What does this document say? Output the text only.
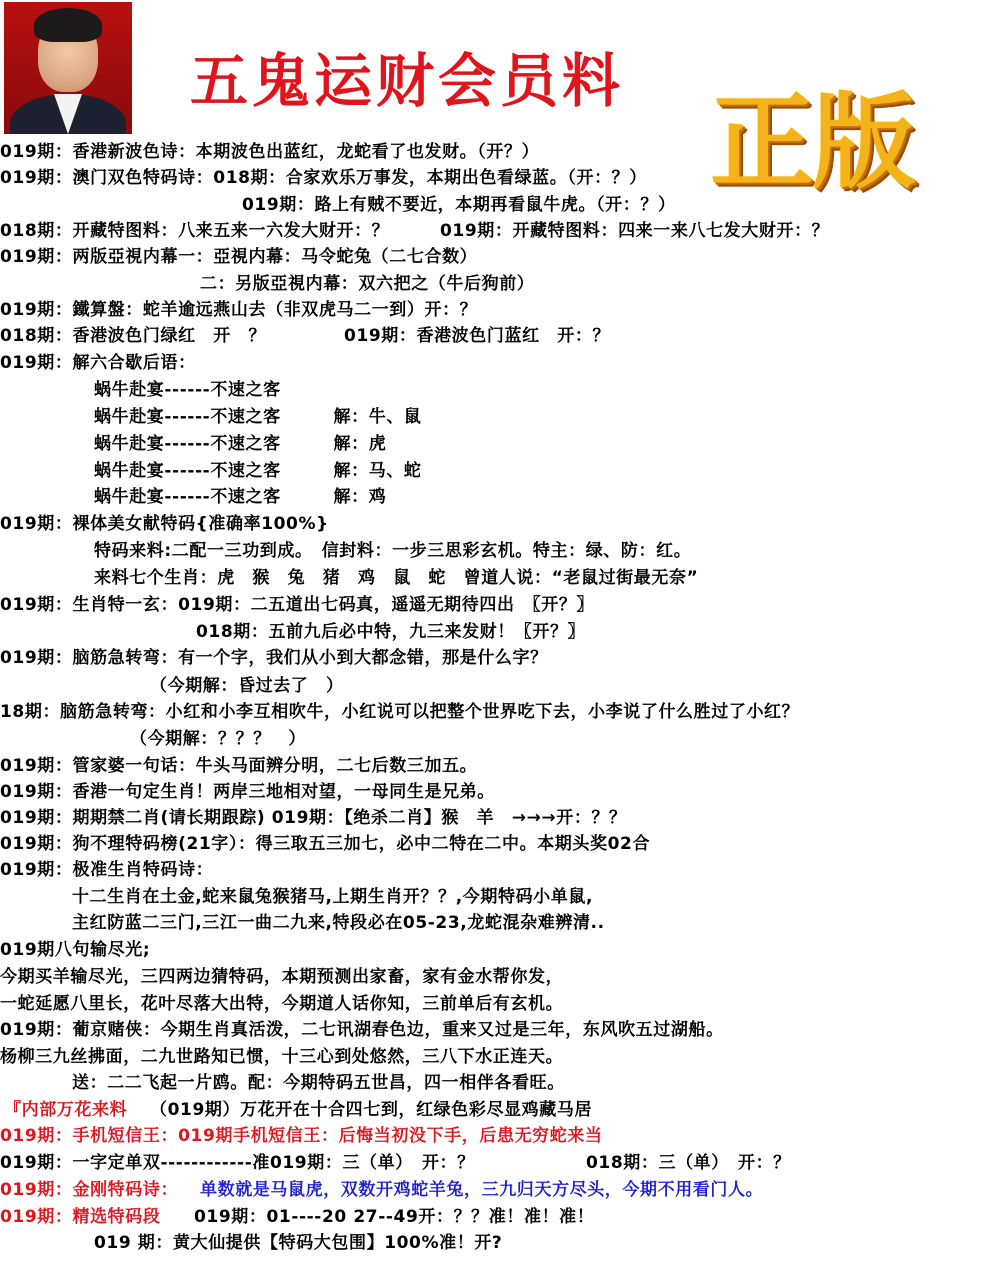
五鬼运财会员料 正版
019期：香港新波色诗：本期波色出蓝红，龙蛇看了也发财。（开？）
019期：澳门双色特码诗：018期：合家欢乐万事发，本期出色看绿蓝。（开：？）
019期：路上有贼不要近，本期再看鼠牛虎。（开：？）
018期：开藏特图料：八来五来一六发大财开：？	019期：开藏特图料：四来一来八七发大财开：？
019期：两版亞視内幕一：亞視内幕：马令蛇兔（二七合数）
二：另版亞視内幕：双六把之（牛后狗前）
019期：鐵算盤：蛇羊逾远燕山去（非双虎马二一到）开：？
018期：香港波色门绿红　开　？	019期：香港波色门蓝红　开：？
019期：解六合歇后语：
蜗牛赴宴------不速之客
蜗牛赴宴------不速之客　　　解：牛、鼠
蜗牛赴宴------不速之客　　　解：虎
蜗牛赴宴------不速之客　　　解：马、蛇
蜗牛赴宴------不速之客　　　解：鸡
019期：裸体美女献特码{准确率100%}
特码来料:二配一三功到成。　信封料：一步三思彩玄机。特主：绿、防：红。
来料七个生肖：虎　猴　兔　猪　鸡　鼠　蛇　曾道人说：“老鼠过街最无奈”
019期：生肖特一玄：019期：二五道出七码真，遥遥无期待四出　〖开？〗
018期：五前九后必中特，九三来发财！〖开？〗
019期：脑筋急转弯：有一个字，我们从小到大都念错，那是什么字？
（今期解：昏过去了　）
18期：脑筋急转弯：小红和小李互相吹牛，小红说可以把整个世界吃下去，小李说了什么胜过了小红？
（今期解：？？？　）
019期：管家婆一句话：牛头马面辨分明，二七后数三加五。
019期：香港一句定生肖！两岸三地相对望，一母同生是兄弟。
019期：期期禁二肖(请长期跟踪) 019期：【绝杀二肖】猴　羊　→→→开：？？
019期：狗不理特码榜(21字）：得三取五三加七，必中二特在二中。本期头奖02合
019期：极准生肖特码诗：
十二生肖在土金,蛇来鼠兔猴猪马,上期生肖开？？,今期特码小单鼠,
主红防蓝二三门,三江一曲二九来,特段必在05-23,龙蛇混杂难辨清..
019期八句输尽光;
今期买羊输尽光，三四两边猜特码，本期预测出家畜，家有金水帮你发，
一蛇延愿八里长，花叶尽落大出特，今期道人话你知，三前单后有玄机。
019期：葡京赌侠：今期生肖真活泼，二七讯湖春色边，重来又过是三年，东风吹五过湖船。
杨柳三九丝拂面，二九世路知已惯，十三心到处悠然，三八下水正连天。
送：二二飞起一片鸥。配：今期特码五世昌，四一相伴各看旺。
『内部万花来料 （019期）万花开在十合四七到，红绿色彩尽显鸡藏马居
019期：手机短信王：019期手机短信王：后悔当初没下手，后患无穷蛇来当
019期：一字定单双------------准019期：三（单）　开：？	018期：三（单）　开：？
019期：金刚特码诗： 单数就是马鼠虎，双数开鸡蛇羊兔，三九归天方尽头，今期不用看门人。
019期：精选特码段 019期：01----20 27--49开：？？准！准！准！
019 期：黄大仙提供【特码大包围】100%准！开?
